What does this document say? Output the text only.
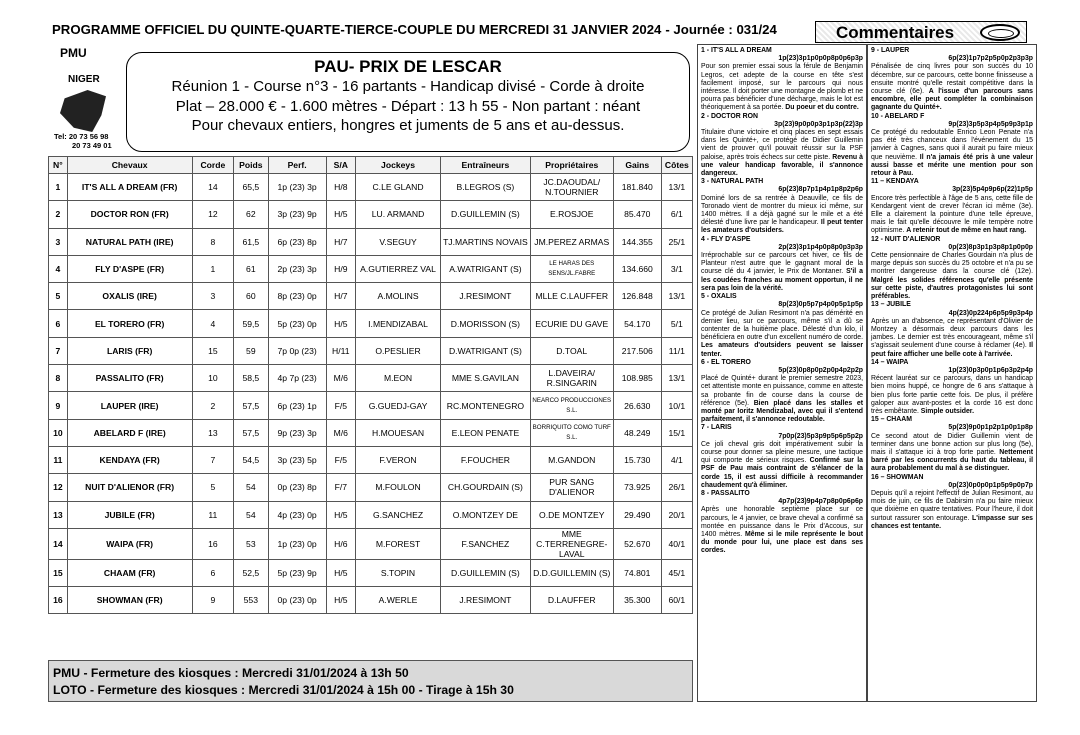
PROGRAMME OFFICIEL DU QUINTE-QUARTE-TIERCE-COUPLE DU MERCREDI 31 JANVIER 2024 - Journée : 031/24	Commentaires
PMU
NIGER
Tel: 20 73 56 98
20 73 49 01
PAU- PRIX DE LESCAR
Réunion 1 - Course n°3 - 16 partants - Handicap divisé - Corde à droite
Plat – 28.000 € - 1.600 mètres - Départ : 13 h 55 - Non partant : néant
Pour chevaux entiers, hongres et juments de 5 ans et au-dessus.
N°	Chevaux	Corde	Poids	Perf.	S/A	Jockeys	Entraîneurs	Propriétaires	Gains	Côtes
1	IT'S ALL A DREAM (FR)	14	65,5	1p (23) 3p	H/8	C.LE GLAND	B.LEGROS (S)	JC.DAOUDAL/ N.TOURNIER	181.840	13/1
2	DOCTOR RON (FR)	12	62	3p (23) 9p	H/5	LU. ARMAND	D.GUILLEMIN (S)	E.ROSJOE	85.470	6/1
3	NATURAL PATH (IRE)	8	61,5	6p (23) 8p	H/7	V.SEGUY	TJ.MARTINS NOVAIS	JM.PEREZ ARMAS	144.355	25/1
4	FLY D'ASPE (FR)	1	61	2p (23) 3p	H/9	A.GUTIERREZ VAL	A.WATRIGANT (S)	LE HARAS DES SENS/JL.FABRE	134.660	3/1
5	OXALIS (IRE)	3	60	8p (23) 0p	H/7	A.MOLINS	J.RESIMONT	MLLE C.LAUFFER	126.848	13/1
6	EL TORERO (FR)	4	59,5	5p (23) 0p	H/5	I.MENDIZABAL	D.MORISSON (S)	ECURIE DU GAVE	54.170	5/1
7	LARIS (FR)	15	59	7p 0p (23)	H/11	O.PESLIER	D.WATRIGANT (S)	D.TOAL	217.506	11/1
8	PASSALITO (FR)	10	58,5	4p 7p (23)	M/6	M.EON	MME S.GAVILAN	L.DAVEIRA/ R.SINGARIN	108.985	13/1
9	LAUPER (IRE)	2	57,5	6p (23) 1p	F/5	G.GUEDJ-GAY	RC.MONTENEGRO	NEARCO PRODUCCIONES S.L.	26.630	10/1
10	ABELARD F (IRE)	13	57,5	9p (23) 3p	M/6	H.MOUESAN	E.LEON PENATE	BORRIQUITO COMO TURF S.L.	48.249	15/1
11	KENDAYA (FR)	7	54,5	3p (23) 5p	F/5	F.VERON	F.FOUCHER	M.GANDON	15.730	4/1
12	NUIT D'ALIENOR (FR)	5	54	0p (23) 8p	F/7	M.FOULON	CH.GOURDAIN (S)	PUR SANG D'ALIENOR	73.925	26/1
13	JUBILE (FR)	11	54	4p (23) 0p	H/5	G.SANCHEZ	O.MONTZEY DE	O.DE MONTZEY	29.490	20/1
14	WAIPA (FR)	16	53	1p (23) 0p	H/6	M.FOREST	F.SANCHEZ	MME C.TERRENEGRE-LAVAL	52.670	40/1
15	CHAAM (FR)	6	52,5	5p (23) 9p	H/5	S.TOPIN	D.GUILLEMIN (S)	D.D.GUILLEMIN (S)	74.801	45/1
16	SHOWMAN (FR)	9	553	0p (23) 0p	H/5	A.WERLE	J.RESIMONT	D.LAUFFER	35.300	60/1
PMU - Fermeture des kiosques : Mercredi 31/01/2024 à 13h 50
LOTO - Fermeture des kiosques : Mercredi 31/01/2024 à 15h 00 - Tirage à 15h 30
1 - IT'S ALL A DREAM
1p(23)3p1p0p0p8p0p6p3p
Pour son premier essai sous la férule de Benjamin Legros, cet adepte de la course en tête s'est facilement imposé, sur le parcours qui nous intéresse. Il doit porter une montagne de plomb et ne pourra pas bénéficier d'une décharge, mais le lot est théoriquement à sa portée. Du poeur et du contre.
2 - DOCTOR RON
3p(23)9p0p0p3p1p3p(22)3p
Titulaire d'une victoire et cinq places en sept essais dans les Quinté+, ce protégé de Didier Guillemin vient de prouver qu'il pouvait réussir sur la PSF paloise, après trois échecs sur cette piste. Revenu à une valeur handicap favorable, il s'annonce dangereux.
3 - NATURAL PATH
6p(23)8p7p1p4p1p8p2p6p
Dominé lors de sa rentrée à Deauville, ce fils de Toronado vient de montrer du mieux ici même, sur 1400 mètres. Il a déjà gagné sur le mile et a été délesté d'une livre par le handicapeur. Il peut tenter les amateurs d'outsiders.
4 - FLY D'ASPE
2p(23)3p1p4p0p8p0p3p3p
Irréprochable sur ce parcours cet hiver, ce fils de Planteur n'est autre que le gagnant moral de la course clé du 4 janvier, le Prix de Montaner. S'il a les coudées franches au moment opportun, il ne sera pas loin de la vérité.
5 - OXALIS
8p(23)0p5p7p4p0p5p1p5p
Ce protégé de Julian Resimont n'a pas démérité en dernier lieu, sur ce parcours, même s'il a dû se contenter de la huitième place. Délesté d'un kilo, il bénéficiera en outre d'un excellent numéro de corde. Les amateurs d'outsiders peuvent se laisser tenter.
6 - EL TORERO
5p(23)0p8p0p2p0p4p2p2p
Placé de Quinté+ durant le premier semestre 2023, cet attentiste monte en puissance, comme en atteste sa probante fin de course dans la course de référence (5e). Bien placé dans les stalles et monté par Ioritz Mendizabal, avec qui il s'entend parfaitement, il s'annonce redoutable.
7 - LARIS
7p0p(23)5p3p9p5p6p5p2p
Ce joli cheval gris doit impérativement subir la course pour donner sa pleine mesure, une tactique qui comporte de sérieux risques. Confirmé sur la PSF de Pau mais contraint de s'élancer de la corde 15, il est aussi difficile à recommander chaudement qu'à éliminer.
8 - PASSALITO
4p7p(23)9p4p7p8p0p6p6p
Après une honorable septième place sur ce parcours, le 4 janvier, ce brave cheval a confirmé sa montée en puissance dans le Prix d'Accous, sur 1400 mètres. Même si le mile représente le bout du monde pour lui, une place est dans ses cordes.
9 - LAUPER
6p(23)1p7p2p5p0p2p3p3p
Pénalisée de cinq livres pour son succès du 10 décembre, sur ce parcours, cette bonne finisseuse a ensuite montré qu'elle restait compétitive dans la course clé (6e). A l'issue d'un parcours sans encombre, elle peut compléter la combinaison gagnante du Quinté+.
10 - ABELARD F
9p(23)3p5p3p4p5p9p3p1p
Ce protégé du redoutable Enrico Leon Penate n'a pas été très chanceux dans l'événement du 15 janvier à Cagnes, sans quoi il aurait pu faire mieux que neuvième. Il n'a jamais été pris à une valeur aussi basse et mérite une mention pour son retour à Pau.
11 – KENDAYA
3p(23)5p4p9p6p(22)1p5p
Encore très perfectible à l'âge de 5 ans, cette fille de Kendargent vient de crever l'écran ici même (3e). Elle a clairement la pointure d'une telle épreuve, mais le fait qu'elle découvre le mile tempère notre optimisme. A retenir tout de même en haut rang.
12 - NUIT D'ALIENOR
0p(23)8p3p1p3p8p1p0p0p
Cette pensionnaire de Charles Gourdain n'a plus de marge depuis son succès du 25 octobre et n'a pu se montrer dangereuse dans la course clé (12e). Malgré les solides références qu'elle présente sur cette piste, d'autres protagonistes lui sont préférables.
13 – JUBILE
4p(23)0p224p6p5p9p3p4p
Après un an d'absence, ce représentant d'Olivier de Montzey a désormais deux parcours dans les jambes. Le dernier est très encourageant, même s'il s'agissait seulement d'une course à réclamer (4e). Il peut faire afficher une belle cote à l'arrivée.
14 – WAIPA
1p(23)0p3p0p1p6p3p2p4p
Récent lauréat sur ce parcours, dans un handicap bien moins huppé, ce hongre de 6 ans s'attaque à bien plus forte partie cette fois. De plus, il préfère galoper aux avant-postes et la corde 16 est donc très embêtante. Simple outsider.
15 – CHAAM
5p(23)9p0p1p2p1p0p1p8p
Ce second atout de Didier Guillemin vient de terminer dans une bonne action sur plus long (5e), mais il s'attaque ici à trop forte partie. Nettement barré par les concurrents du haut du tableau, il aura probablement du mal à se distinguer.
16 – SHOWMAN
0p(23)0p0p0p1p5p9p0p7p
Depuis qu'il a rejoint l'effectif de Julian Resimont, au mois de juin, ce fils de Dabirsim n'a pu faire mieux que dixième en quatre tentatives. Pour l'heure, il doit surtout rassurer son entourage. L'impasse sur ses chances est tentante.
